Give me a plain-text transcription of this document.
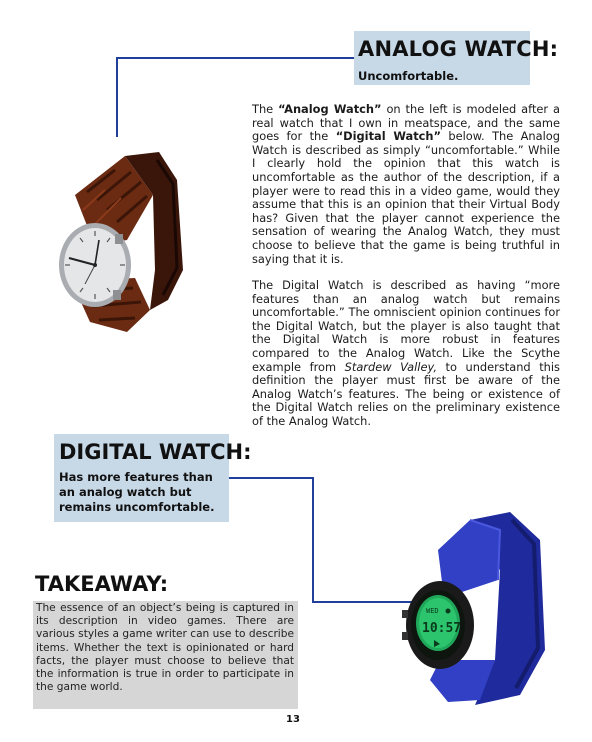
ANALOG WATCH:
Uncomfortable.

The “Analog Watch” on the left is modeled after a real watch that I own in meatspace, and the same goes for the “Digital Watch” below. The Analog Watch is described as simply “uncomfortable.” While I clearly hold the opinion that this watch is uncomfortable as the author of the description, if a player were to read this in a video game, would they assume that this is an opinion that their Virtual Body has? Given that the player cannot experience the sensation of wearing the Analog Watch, they must choose to believe that the game is being truthful in saying that it is.

The Digital Watch is described as having “more features than an analog watch but remains uncomfortable.” The omniscient opinion continues for the Digital Watch, but the player is also taught that the Digital Watch is more robust in features compared to the Analog Watch. Like the Scythe example from Stardew Valley, to understand this definition the player must first be aware of the Analog Watch’s features. The being or existence of the Digital Watch relies on the preliminary existence of the Analog Watch.

DIGITAL WATCH:
Has more features than an analog watch but remains uncomfortable.
WED
10:57
TAKEAWAY:

The essence of an object’s being is captured in its description in video games. There are various styles a game writer can use to describe items. Whether the text is opinionated or hard facts, the player must choose to believe that the information is true in order to participate in the game world.

13
